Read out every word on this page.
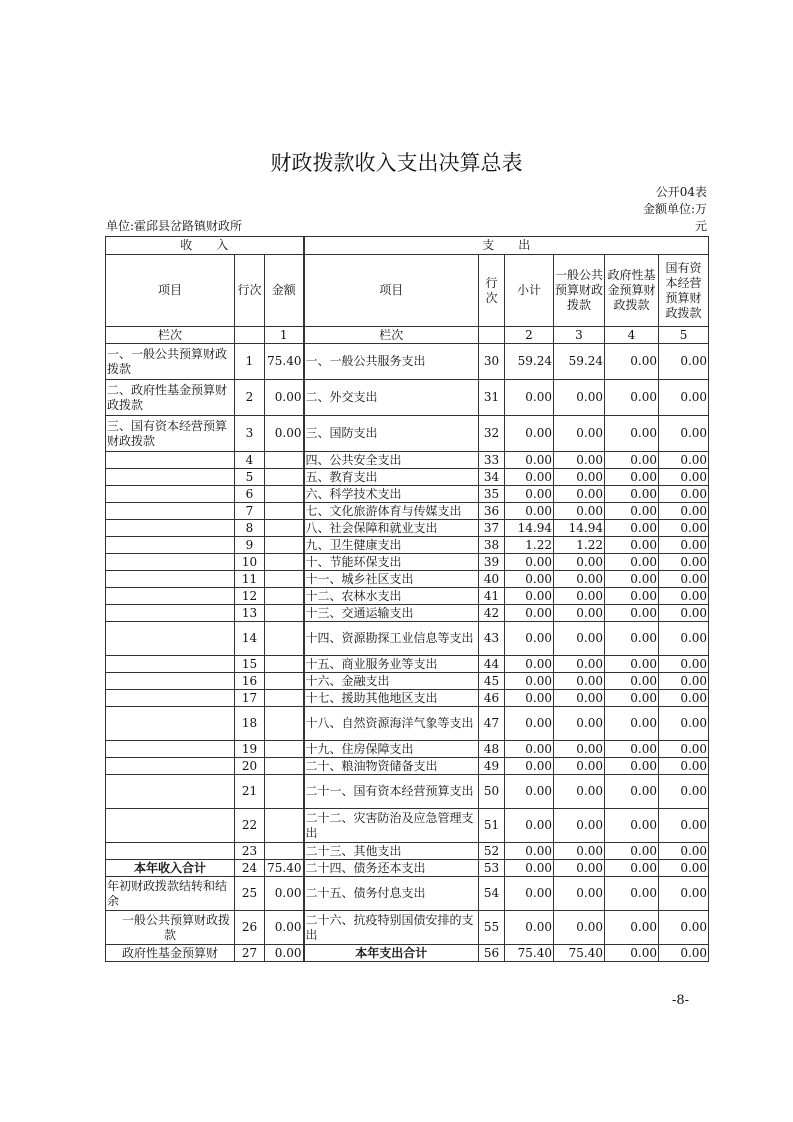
财政拨款收入支出决算总表
公开04表
金额单位:万
元
单位:霍邱县岔路镇财政所
收　　入			支　　出					
项目	行次	金额	项目	行次	小计	一般公共预算财政拨款	政府性基金预算财政拨款	国有资本经营预算财政拨款
栏次		1	栏次		2	3	4	5
一、一般公共预算财政拨款	1	75.40	一、一般公共服务支出	30	59.24	59.24	0.00	0.00
二、政府性基金预算财政拨款	2	0.00	二、外交支出	31	0.00	0.00	0.00	0.00
三、国有资本经营预算财政拨款	3	0.00	三、国防支出	32	0.00	0.00	0.00	0.00
	4		四、公共安全支出	33	0.00	0.00	0.00	0.00
	5		五、教育支出	34	0.00	0.00	0.00	0.00
	6		六、科学技术支出	35	0.00	0.00	0.00	0.00
	7		七、文化旅游体育与传媒支出	36	0.00	0.00	0.00	0.00
	8		八、社会保障和就业支出	37	14.94	14.94	0.00	0.00
	9		九、卫生健康支出	38	1.22	1.22	0.00	0.00
	10		十、节能环保支出	39	0.00	0.00	0.00	0.00
	11		十一、城乡社区支出	40	0.00	0.00	0.00	0.00
	12		十二、农林水支出	41	0.00	0.00	0.00	0.00
	13		十三、交通运输支出	42	0.00	0.00	0.00	0.00
	14		十四、资源勘探工业信息等支出	43	0.00	0.00	0.00	0.00
	15		十五、商业服务业等支出	44	0.00	0.00	0.00	0.00
	16		十六、金融支出	45	0.00	0.00	0.00	0.00
	17		十七、援助其他地区支出	46	0.00	0.00	0.00	0.00
	18		十八、自然资源海洋气象等支出	47	0.00	0.00	0.00	0.00
	19		十九、住房保障支出	48	0.00	0.00	0.00	0.00
	20		二十、粮油物资储备支出	49	0.00	0.00	0.00	0.00
	21		二十一、国有资本经营预算支出	50	0.00	0.00	0.00	0.00
	22		二十二、灾害防治及应急管理支出	51	0.00	0.00	0.00	0.00
	23		二十三、其他支出	52	0.00	0.00	0.00	0.00
本年收入合计	24	75.40	二十四、债务还本支出	53	0.00	0.00	0.00	0.00
年初财政拨款结转和结余	25	0.00	二十五、债务付息支出	54	0.00	0.00	0.00	0.00
　一般公共预算财政拨款	26	0.00	二十六、抗疫特别国债安排的支出	55	0.00	0.00	0.00	0.00
政府性基金预算财	27	0.00	本年支出合计	56	75.40	75.40	0.00	0.00
-8-
